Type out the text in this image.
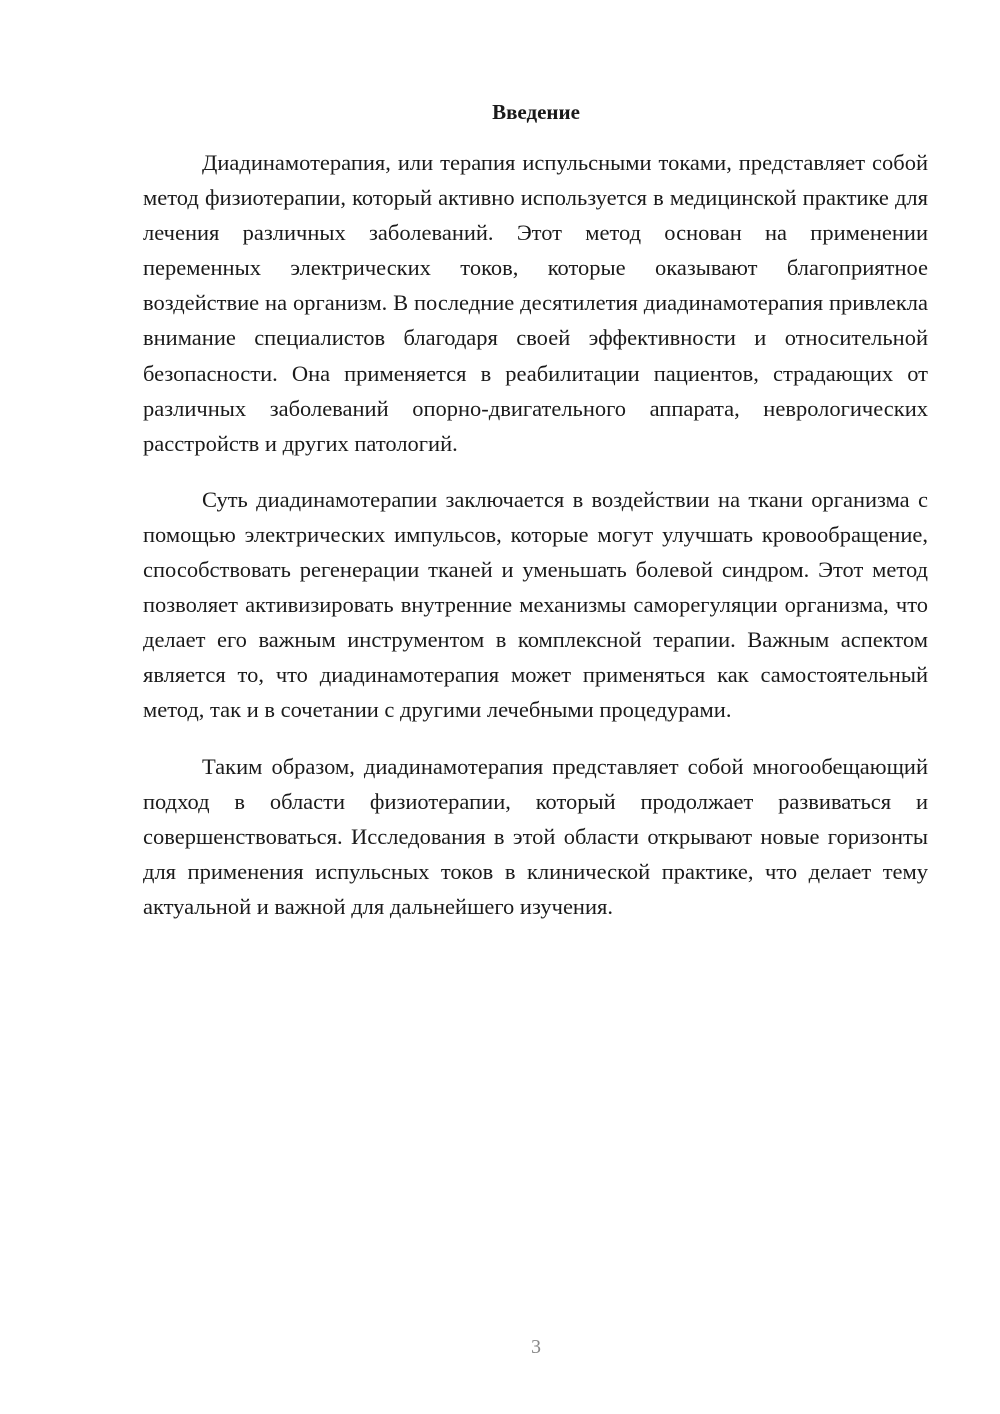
Введение

Диадинамотерапия, или терапия испульсными токами, представляет собой метод физиотерапии, который активно используется в медицинской практике для лечения различных заболеваний. Этот метод основан на применении переменных электрических токов, которые оказывают благоприятное воздействие на организм. В последние десятилетия диадинамотерапия привлекла внимание специалистов благодаря своей эффективности и относительной безопасности. Она применяется в реабилитации пациентов, страдающих от различных заболеваний опорно-двигательного аппарата, неврологических расстройств и других патологий.

Суть диадинамотерапии заключается в воздействии на ткани организма с помощью электрических импульсов, которые могут улучшать кровообращение, способствовать регенерации тканей и уменьшать болевой синдром. Этот метод позволяет активизировать внутренние механизмы саморегуляции организма, что делает его важным инструментом в комплексной терапии. Важным аспектом является то, что диадинамотерапия может применяться как самостоятельный метод, так и в сочетании с другими лечебными процедурами.

Таким образом, диадинамотерапия представляет собой многообещающий подход в области физиотерапии, который продолжает развиваться и совершенствоваться. Исследования в этой области открывают новые горизонты для применения испульсных токов в клинической практике, что делает тему актуальной и важной для дальнейшего изучения.

3
